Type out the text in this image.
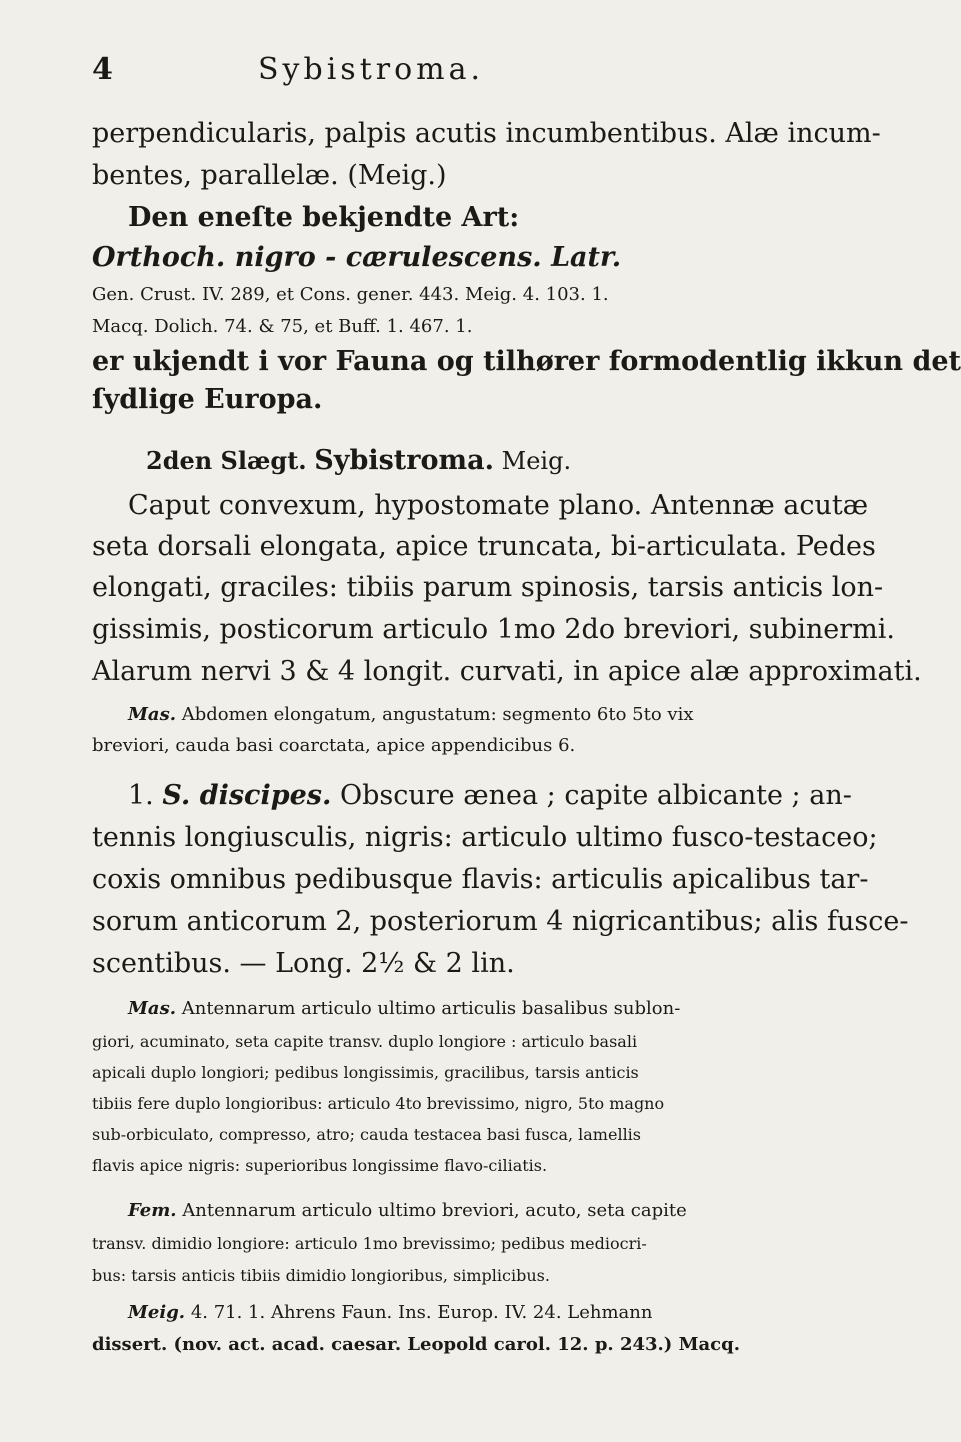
4	Sybistroma.
perpendicularis, palpis acutis incumbentibus. Alæ incum-
bentes, parallelæ. (Meig.)
Den eneſte bekjendte Art:
Orthoch. nigro - cærulescens. Latr.
Gen. Crust. IV. 289, et Cons. gener. 443. Meig. 4. 103. 1.
Macq. Dolich. 74. & 75, et Buff. 1. 467. 1.
er ukjendt i vor Fauna og tilhører formodentlig ikkun det
ſydlige Europa.
2den Slægt. Sybistroma. Meig.
Caput convexum, hypostomate plano. Antennæ acutæ
seta dorsali elongata, apice truncata, bi-articulata. Pedes
elongati, graciles: tibiis parum spinosis, tarsis anticis lon-
gissimis, posticorum articulo 1mo 2do breviori, subinermi.
Alarum nervi 3 & 4 longit. curvati, in apice alæ approximati.
Mas. Abdomen elongatum, angustatum: segmento 6to 5to vix
breviori, cauda basi coarctata, apice appendicibus 6.
1. S. discipes. Obscure ænea ; capite albicante ; an-
tennis longiusculis, nigris: articulo ultimo fusco-testaceo;
coxis omnibus pedibusque flavis: articulis apicalibus tar-
sorum anticorum 2, posteriorum 4 nigricantibus; alis fusce-
scentibus. — Long. 2½ & 2 lin.
Mas. Antennarum articulo ultimo articulis basalibus sublon-
giori, acuminato, seta capite transv. duplo longiore : articulo basali
apicali duplo longiori; pedibus longissimis, gracilibus, tarsis anticis
tibiis fere duplo longioribus: articulo 4to brevissimo, nigro, 5to magno
sub-orbiculato, compresso, atro; cauda testacea basi fusca, lamellis
flavis apice nigris: superioribus longissime flavo-ciliatis.
Fem. Antennarum articulo ultimo breviori, acuto, seta capite
transv. dimidio longiore: articulo 1mo brevissimo; pedibus mediocri-
bus: tarsis anticis tibiis dimidio longioribus, simplicibus.
Meig. 4. 71. 1. Ahrens Faun. Ins. Europ. IV. 24. Lehmann
dissert. (nov. act. acad. caesar. Leopold carol. 12. p. 243.) Macq.
